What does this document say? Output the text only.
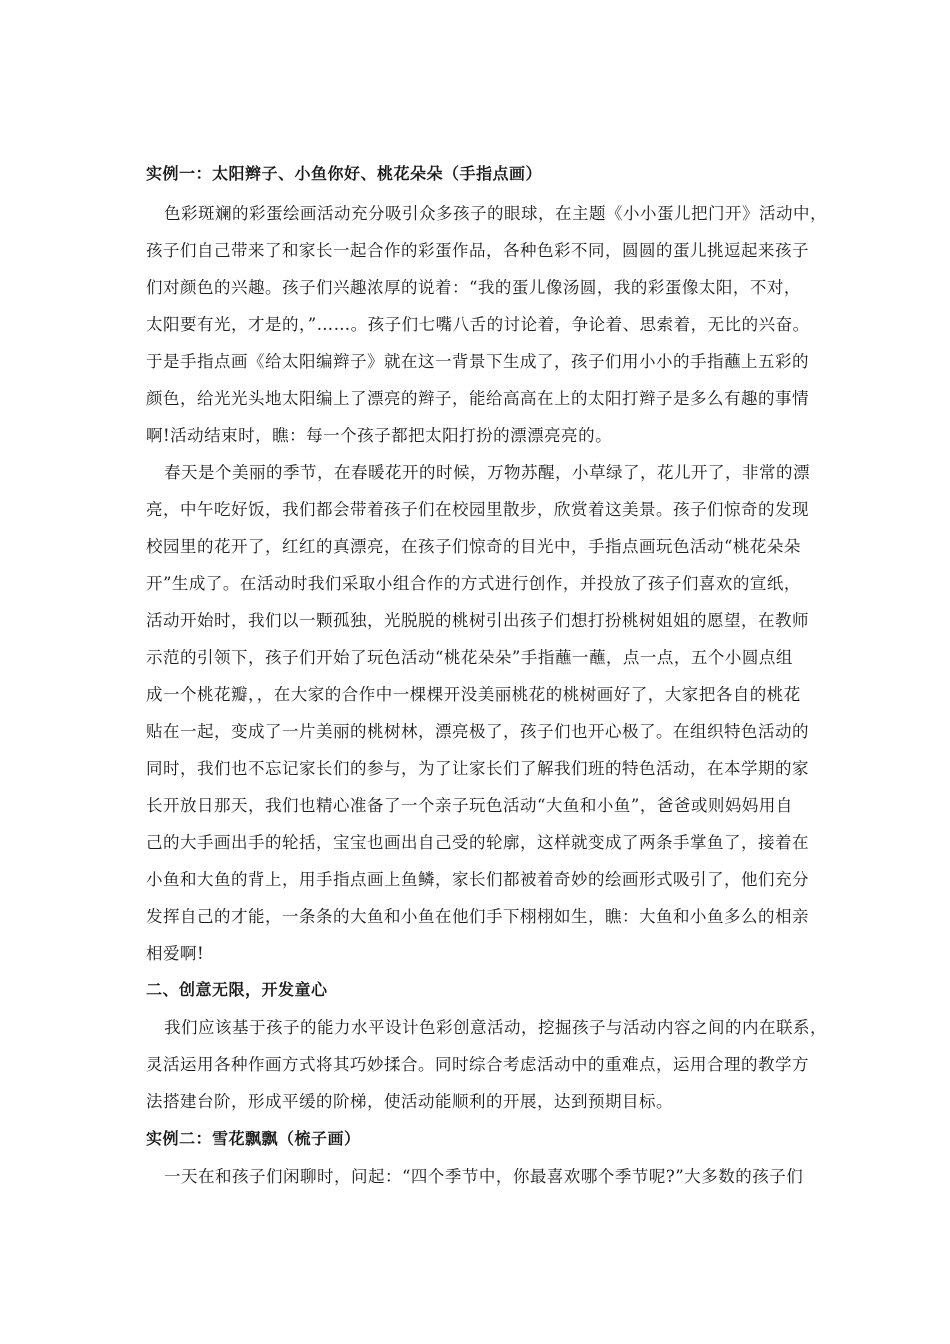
实例一：太阳辫子、小鱼你好、桃花朵朵（手指点画）
色彩斑斓的彩蛋绘画活动充分吸引众多孩子的眼球，在主题《小小蛋儿把门开》活动中，
孩子们自己带来了和家长一起合作的彩蛋作品，各种色彩不同，圆圆的蛋儿挑逗起来孩子
们对颜色的兴趣。孩子们兴趣浓厚的说着：“我的蛋儿像汤圆，我的彩蛋像太阳，不对，
太阳要有光，才是的，”……。孩子们七嘴八舌的讨论着，争论着、思索着，无比的兴奋。
于是手指点画《给太阳编辫子》就在这一背景下生成了，孩子们用小小的手指蘸上五彩的
颜色，给光光头地太阳编上了漂亮的辫子，能给高高在上的太阳打辫子是多么有趣的事情
啊!活动结束时，瞧：每一个孩子都把太阳打扮的漂漂亮亮的。
春天是个美丽的季节，在春暖花开的时候，万物苏醒，小草绿了，花儿开了，非常的漂
亮，中午吃好饭，我们都会带着孩子们在校园里散步，欣赏着这美景。孩子们惊奇的发现
校园里的花开了，红红的真漂亮，在孩子们惊奇的目光中，手指点画玩色活动“桃花朵朵
开”生成了。在活动时我们采取小组合作的方式进行创作，并投放了孩子们喜欢的宣纸，
活动开始时，我们以一颗孤独，光脱脱的桃树引出孩子们想打扮桃树姐姐的愿望，在教师
示范的引领下，孩子们开始了玩色活动“桃花朵朵”手指蘸一蘸，点一点，五个小圆点组
成一个桃花瓣，，在大家的合作中一棵棵开没美丽桃花的桃树画好了，大家把各自的桃花
贴在一起，变成了一片美丽的桃树林，漂亮极了，孩子们也开心极了。在组织特色活动的
同时，我们也不忘记家长们的参与，为了让家长们了解我们班的特色活动，在本学期的家
长开放日那天，我们也精心准备了一个亲子玩色活动“大鱼和小鱼”，爸爸或则妈妈用自
己的大手画出手的轮括，宝宝也画出自己受的轮廓，这样就变成了两条手掌鱼了，接着在
小鱼和大鱼的背上，用手指点画上鱼鳞，家长们都被着奇妙的绘画形式吸引了，他们充分
发挥自己的才能，一条条的大鱼和小鱼在他们手下栩栩如生，瞧：大鱼和小鱼多么的相亲
相爱啊!
二、创意无限，开发童心
我们应该基于孩子的能力水平设计色彩创意活动，挖掘孩子与活动内容之间的内在联系，
灵活运用各种作画方式将其巧妙揉合。同时综合考虑活动中的重难点，运用合理的教学方
法搭建台阶，形成平缓的阶梯，使活动能顺利的开展，达到预期目标。
实例二：雪花飘飘（梳子画）
一天在和孩子们闲聊时，问起：“四个季节中，你最喜欢哪个季节呢?”大多数的孩子们
